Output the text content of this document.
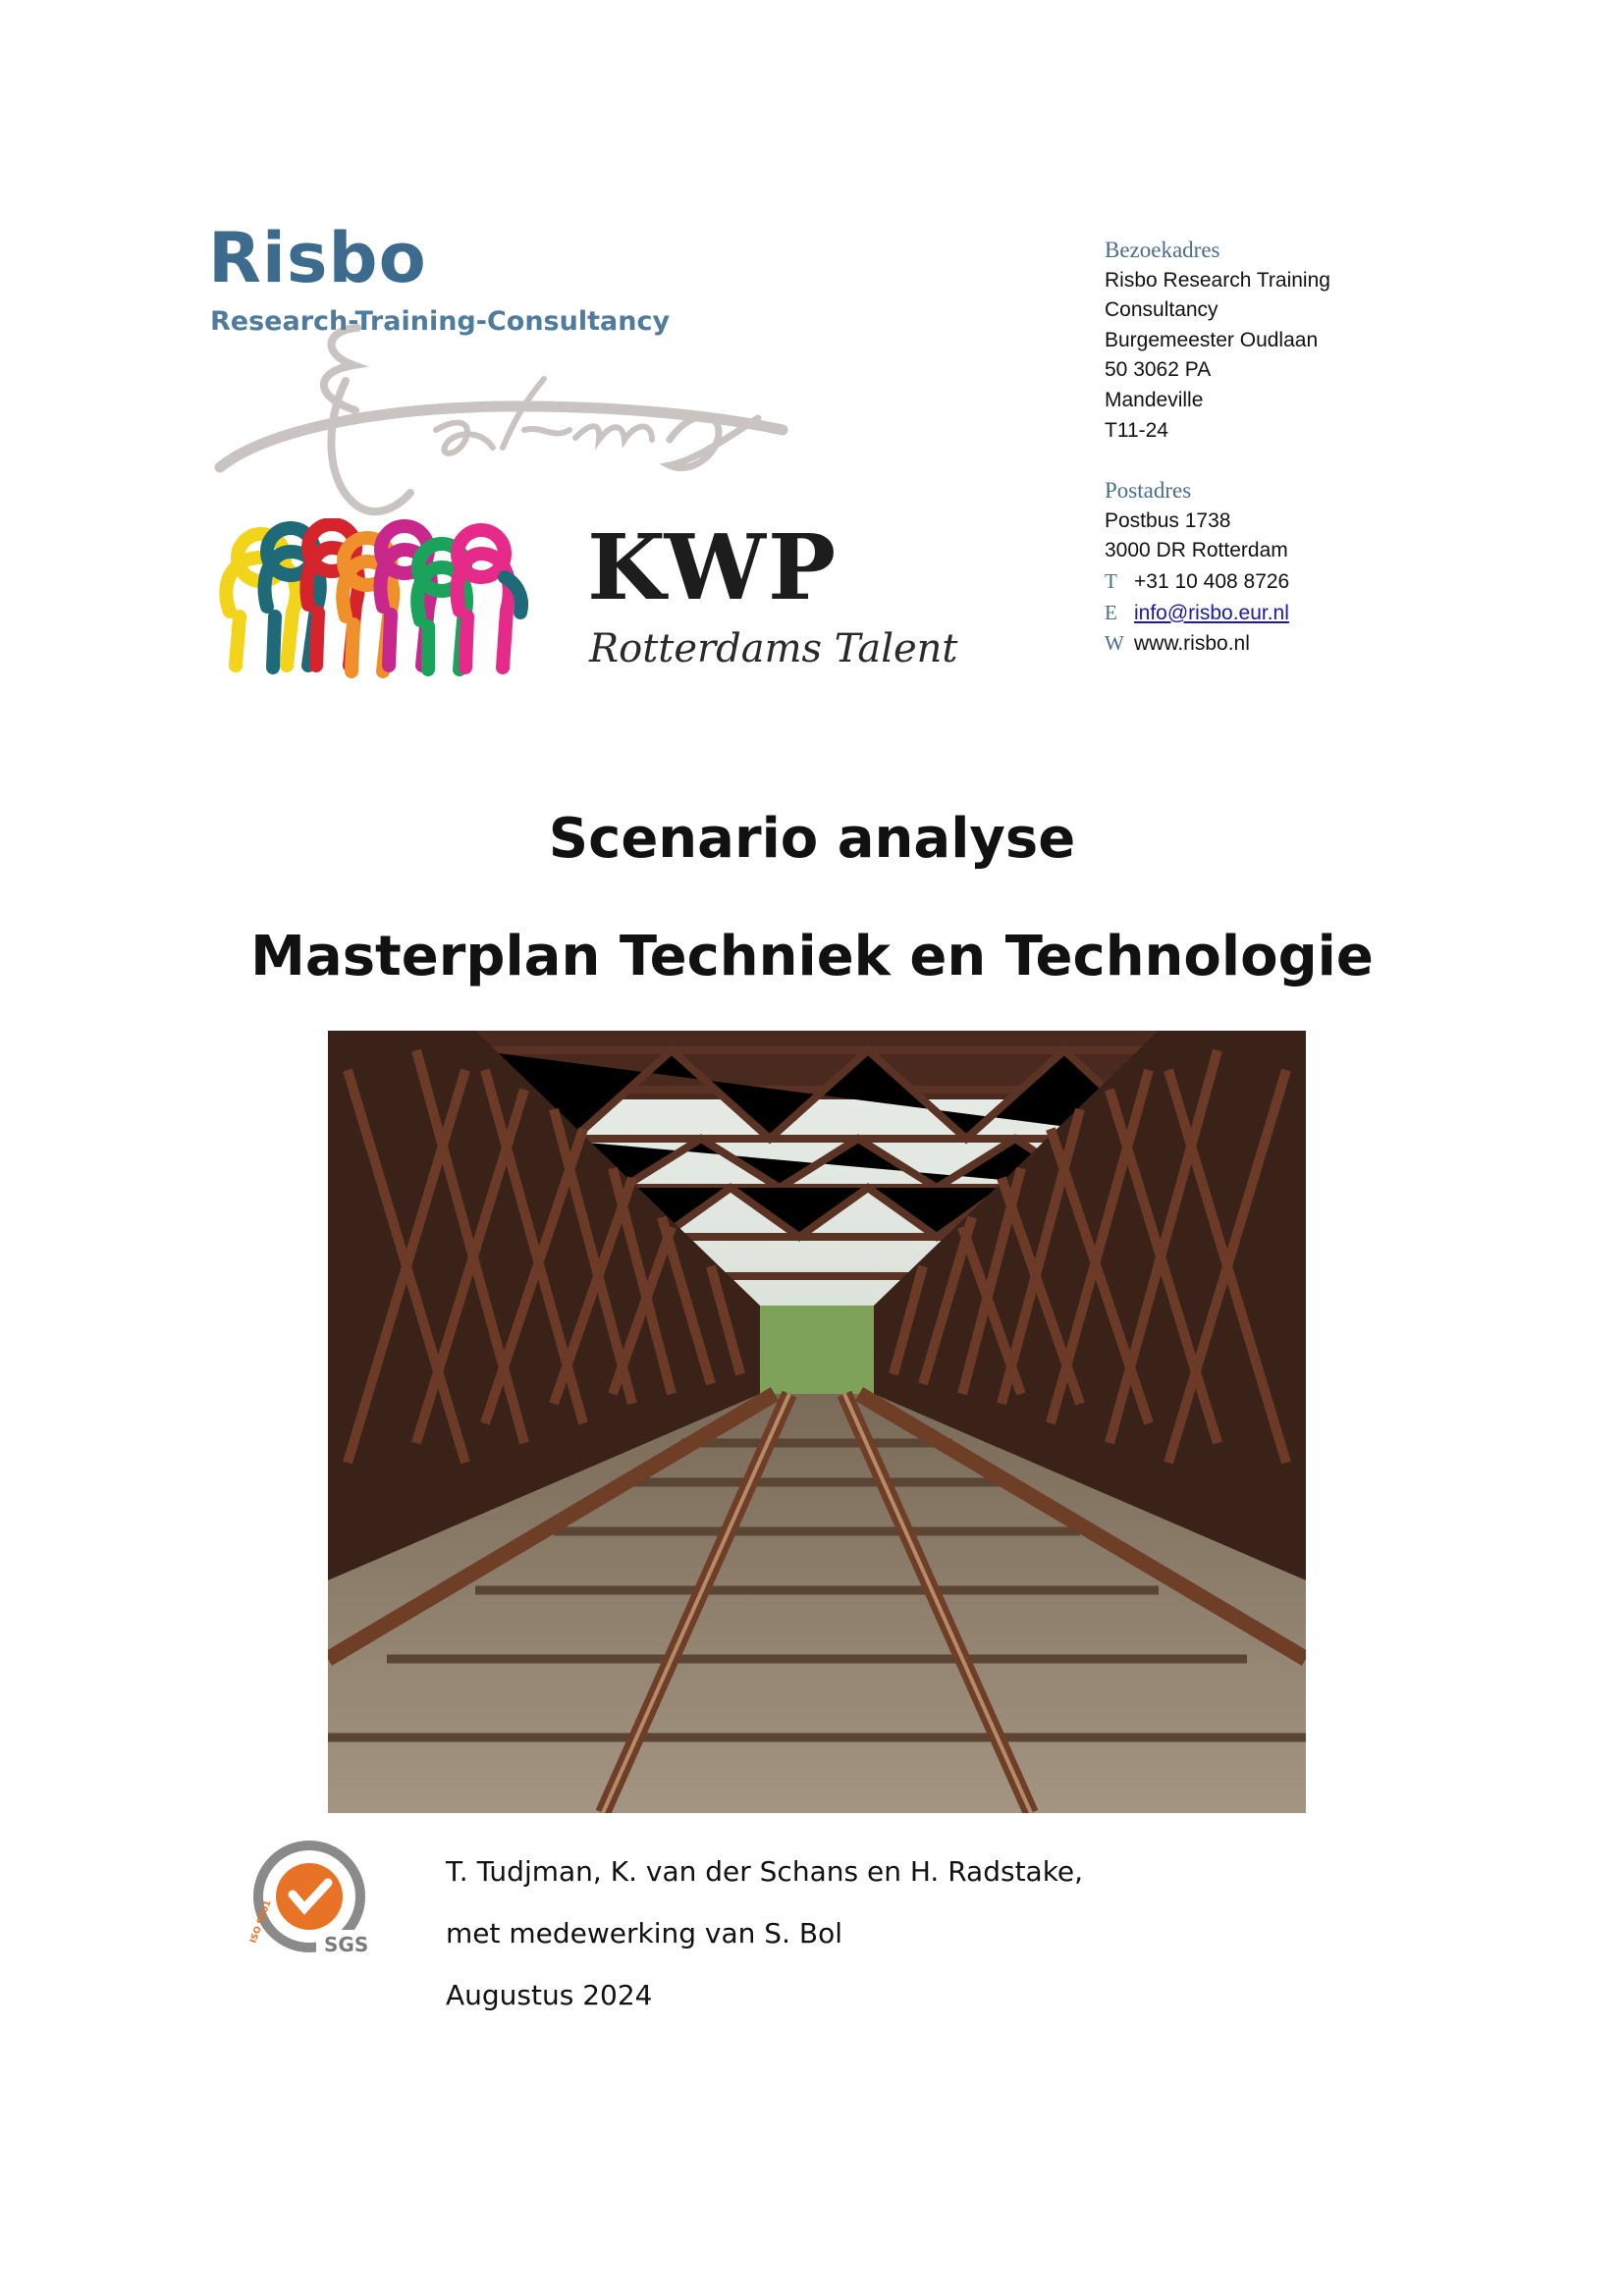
Risbo
Research-Training-Consultancy
KWP
Rotterdams Talent
Bezoekadres
Risbo Research Training
Consultancy
Burgemeester Oudlaan
50 3062 PA
Mandeville
T11-24
Postadres
Postbus 1738
3000 DR Rotterdam
T +31 10 408 8726
E info@risbo.eur.nl
W www.risbo.nl
Scenario analyse
Masterplan Techniek en Technologie
SGS
ISO 9001
T. Tudjman, K. van der Schans en H. Radstake,
met medewerking van S. Bol
Augustus 2024
